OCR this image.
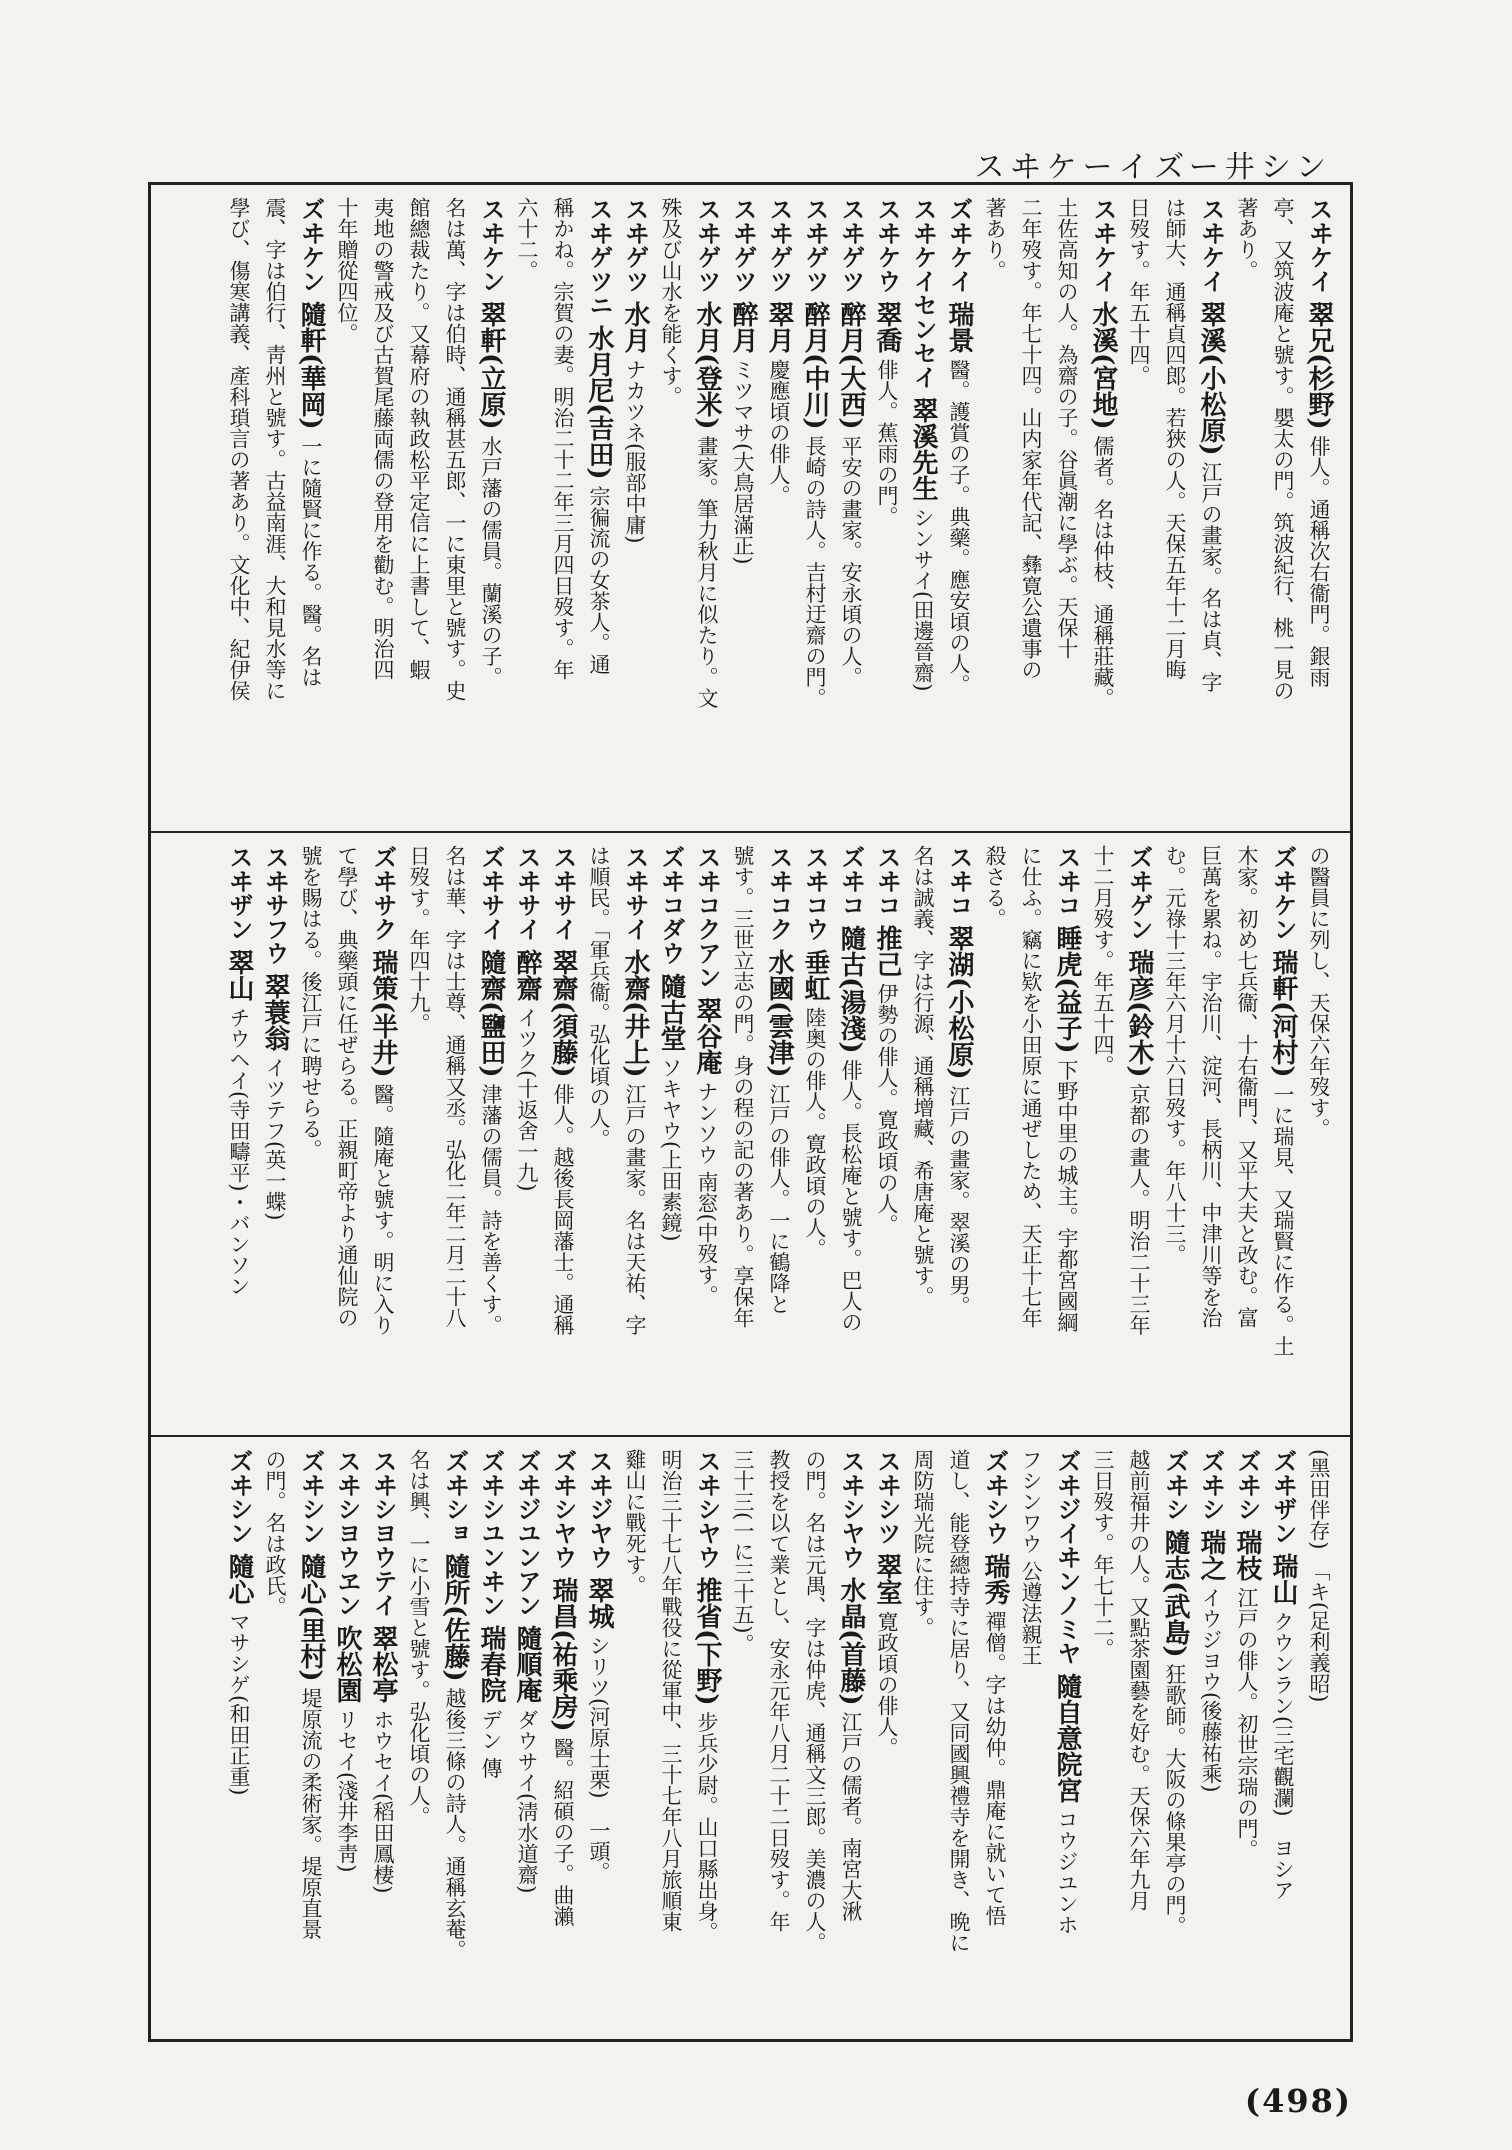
スヰケーイズー井シン
スヰケイ翠兄(杉野)俳人。通稱次右衞門。銀雨
亭、又筑波庵と號す。嬰太の門。筑波紀行、桃一見の
著あり。
スヰケイ翠溪(小松原)江戸の畫家。名は貞、字
は師大、通稱貞四郎。若狹の人。天保五年十二月晦
日歿す。年五十四。
スヰケイ水溪(宮地)儒者。名は仲枝、通稱莊藏。
土佐高知の人。為齋の子。谷眞潮に學ぶ。天保十
二年歿す。年七十四。山内家年代記、彝寛公遺事の
著あり。
ズヰケイ瑞景醫。護賞の子。典藥。應安頃の人。
スヰケイセンセイ翠溪先生シンサイ(田邊晉齋)
スヰケウ翠喬俳人。蕉雨の門。
スヰゲツ醉月(大西)平安の畫家。安永頃の人。
スヰゲツ醉月(中川)長崎の詩人。吉村迂齋の門。
スヰゲツ翠月慶應頃の俳人。
スヰゲツ醉月ミツマサ(大鳥居滿正)
スヰゲツ水月(登米)畫家。筆力秋月に似たり。文
殊及び山水を能くす。
スヰゲツ水月ナカツネ(服部中庸)
スヰゲツニ水月尼(吉田)宗徧流の女茶人。通
稱かね。宗賀の妻。明治二十二年三月四日歿す。年
六十二。
スヰケン翠軒(立原)水戸藩の儒員。蘭溪の子。
名は萬、字は伯時、通稱甚五郎、一に東里と號す。史
館總裁たり。又幕府の執政松平定信に上書して、蝦
夷地の警戒及び古賀尾藤両儒の登用を勸む。明治四
十年贈從四位。
ズヰケン隨軒(華岡)一に隨賢に作る。醫。名は
震、字は伯行、靑州と號す。古益南涯、大和見水等に
學び、傷寒講義、產科瑣言の著あり。文化中、紀伊侯
の醫員に列し、天保六年歿す。
ズヰケン瑞軒(河村)一に瑞見、又瑞賢に作る。土
木家。初め七兵衞、十右衞門、又平大夫と改む。富
巨萬を累ね。宇治川、淀河、長柄川、中津川等を治
む。元祿十三年六月十六日歿す。年八十三。
ズヰゲン瑞彦(鈴木)京都の畫人。明治二十三年
十二月歿す。年五十四。
スヰコ睡虎(益子)下野中里の城主。宇都宮國綱
に仕ふ。竊に欵を小田原に通ぜしため、天正十七年
殺さる。
スヰコ翠湖(小松原)江戸の畫家。翠溪の男。
名は誠義、字は行源、通稱增藏、希唐庵と號す。
スヰコ推己伊勢の俳人。寛政頃の人。
ズヰコ隨古(湯淺)俳人。長松庵と號す。巴人の
スヰコウ垂虹陸奥の俳人。寛政頃の人。
スヰコク水國(雲津)江戸の俳人。一に鶴降と
號す。三世立志の門。身の程の記の著あり。享保年
スヰコクアン翠谷庵ナンソウ 南窓(中歿す。
ズヰコダウ隨古堂ソキヤウ(上田素鏡)
スヰサイ水齋(井上)江戸の畫家。名は天祐、字
は順民。「軍兵衞。弘化頃の人。
スヰサイ翠齋(須藤)俳人。越後長岡藩士。通稱
スヰサイ醉齋イツク(十返舍一九)
ズヰサイ隨齋(鹽田)津藩の儒員。詩を善くす。
名は華、字は士尊、通稱又丞。弘化二年二月二十八
日歿す。年四十九。
ズヰサク瑞策(半井)醫。隨庵と號す。明に入り
て學び、典藥頭に任ぜらる。正親町帝より通仙院の
號を賜はる。後江戸に聘せらる。
スヰサフウ翠蓑翁イツテフ(英一蝶)
スヰザン翠山チウヘイ(寺田疇平)・バンソン
(黑田伴存)　「キ(足利義昭)
ズヰザン瑞山クウンラン(三宅觀瀾)　ヨシア
ズヰシ瑞枝江戸の俳人。初世宗瑞の門。
ズヰシ瑞之イウジヨウ(後藤祐乘)
ズヰシ隨志(武島)狂歌師。大阪の條果亭の門。
越前福井の人。又點茶園藝を好む。天保六年九月
三日歿す。年七十二。
ズヰジイヰンノミヤ隨自意院宮コウジユンホ
フシンワウ 公遵法親王
ズヰシウ瑞秀禪僧。字は幼仲。鼎庵に就いて悟
道し、能登總持寺に居り、又同國興禮寺を開き、晩に
周防瑞光院に住す。
スヰシツ翠室寛政頃の俳人。
スヰシヤウ水晶(首藤)江戸の儒者。南宮大湫
の門。名は元禺、字は仲虎、通稱文三郎。美濃の人。
教授を以て業とし、安永元年八月二十二日歿す。年
三十三(一に三十五)。
スヰシヤウ推省(下野)步兵少尉。山口縣出身。
明治三十七八年戰役に從軍中、三十七年八月旅順東
雞山に戰死す。
スヰジヤウ翠城シリツ(河原士栗)　一頭。
ズヰシヤウ瑞昌(祐乘房)醫。紹碩の子。曲瀨
ズヰジユンアン隨順庵ダウサイ(淸水道齋)
ズヰシユンヰン瑞春院デン 傳
ズヰショ隨所(佐藤)越後三條の詩人。通稱玄菴。
名は興、一に小雪と號す。弘化頃の人。
スヰシヨウテイ翠松亭ホウセイ(稻田鳳棲)
スヰシヨウヱン吹松園リセイ(淺井李靑)
ズヰシン隨心(里村)堤原流の柔術家。堤原直景
の門。名は政氏。
ズヰシン隨心マサシゲ(和田正重)
(498)
